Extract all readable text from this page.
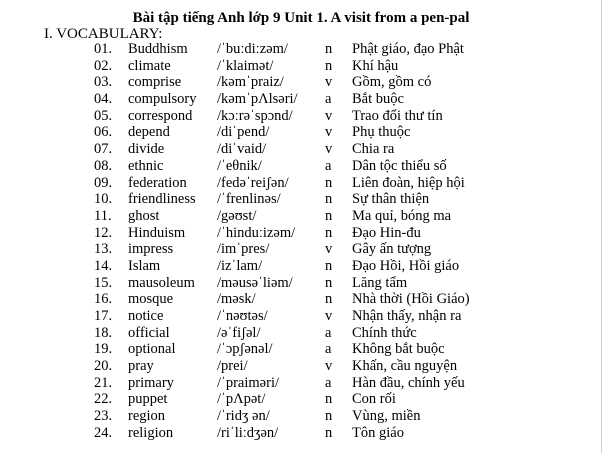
Bài tập tiếng Anh lớp 9 Unit 1. A visit from a pen-pal
I. VOCABULARY:
01. Buddhism /ˈbuːdiːzəm/	n Phật giáo, đạo Phật
02. climate	/ˈklaimət/	n Khí hậu
03. comprise /kəmˈpraiz/	v Gồm, gồm có
04. compulsory /kəmˈpɅlsəri/ a Bắt buộc
05. correspond /kɔːrəˈspɔnd/ v Trao đổi thư tín
06. depend	/diˈpend/	v Phụ thuộc
07. divide	/diˈvaid/	v Chia ra
08. ethnic	/ˈeθnik/	a Dân tộc thiểu số
09. federation /fedəˈreiʃən/	n Liên đoàn, hiệp hội
10. friendliness /ˈfrenlinəs/	n Sự thân thiện
11. ghost	/gəʊst/	n Ma quỉ, bóng ma
12. Hinduism /ˈhinduːizəm/ n Đạo Hin-đu
13. impress	/imˈpres/	v Gây ấn tượng
14. Islam	/izˈlam/	n Đạo Hồi, Hồi giáo
15. mausoleum /məusəˈliəm/ n Lăng tẩm
16. mosque	/məsk/	n Nhà thời (Hồi Giáo)
17. notice	/ˈnəʊtəs/	v Nhận thấy, nhận ra
18. official	/əˈfiʃəl/	a Chính thức
19. optional	/ˈɔpʃənəl/	a Không bắt buộc
20. pray	/prei/	v Khấn, cầu nguyện
21. primary	/ˈpraiməri/	a Hàn đầu, chính yếu
22. puppet	/ˈpɅpət/	n Con rối
23. region	/ˈridʒ ən/	n Vùng, miền
24. religion	/riˈliːdʒən/	n Tôn giáo
